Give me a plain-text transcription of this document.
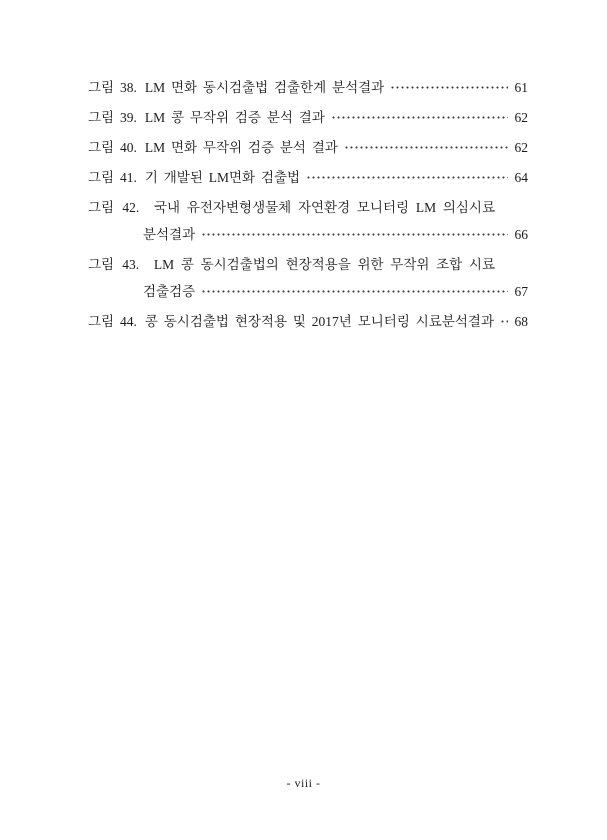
그림 38. LM 면화 동시검출법 검출한계 분석결과	61
그림 39. LM 콩 무작위 검증 분석 결과	62
그림 40. LM 면화 무작위 검증 분석 결과	62
그림 41. 기 개발된 LM면화 검출법	64
그림 42. 국내 유전자변형생물체 자연환경 모니터링 LM 의심시료
분석결과	66
그림 43. LM 콩 동시검출법의 현장적용을 위한 무작위 조합 시료
검출검증	67
그림 44. 콩 동시검출법 현장적용 및 2017년 모니터링 시료분석결과 68
- viii -
